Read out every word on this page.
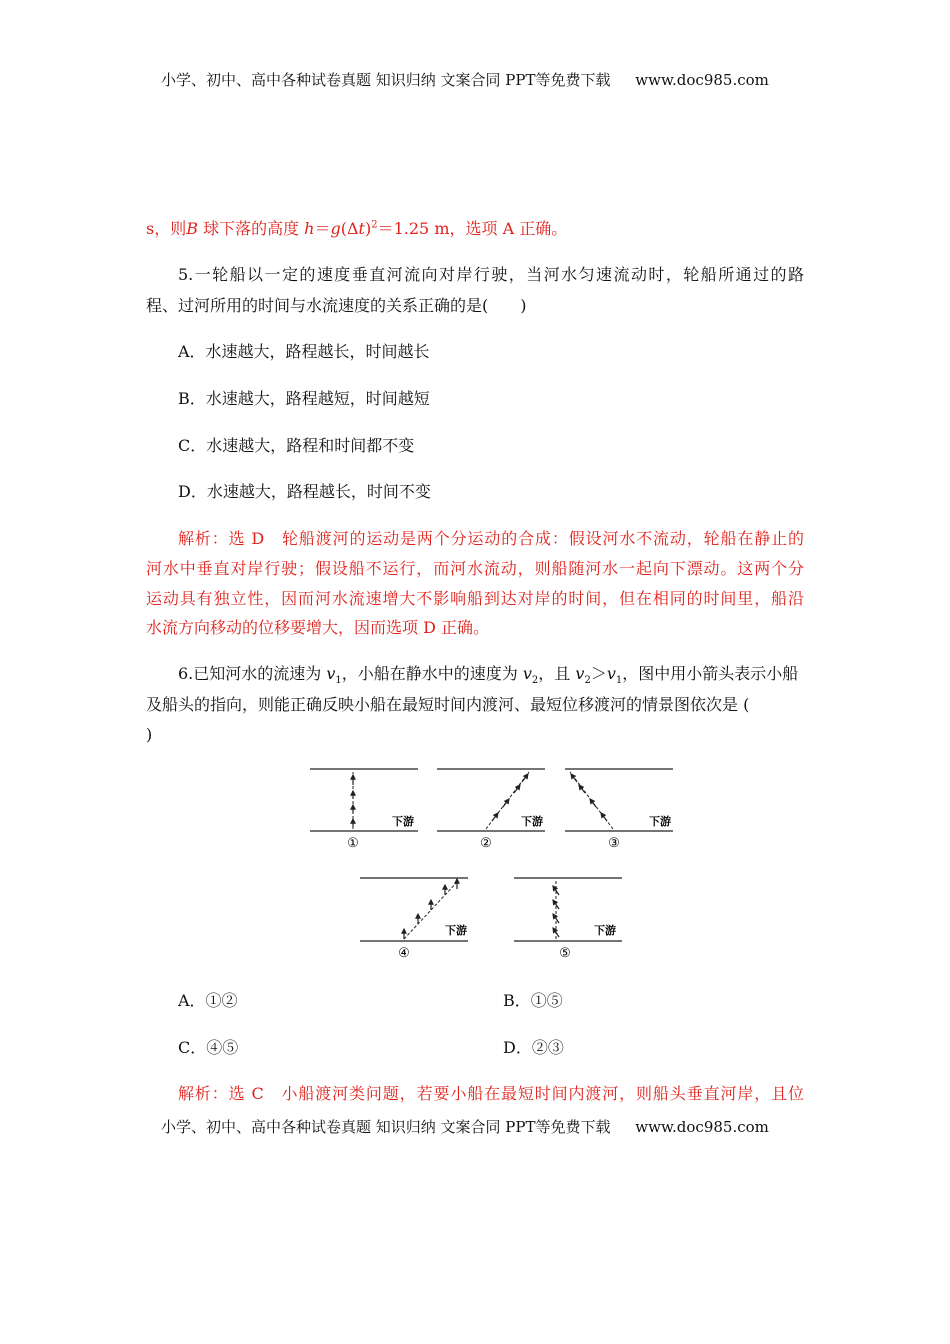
小学、初中、高中各种试卷真题 知识归纳 文案合同 PPT等免费下载 www.doc985.com
s，则B 球下落的高度 $h=g(\Delta t)^2=1.25$ m，选项 A 正确。
5.一轮船以一定的速度垂直河流向对岸行驶，当河水匀速流动时，轮船所通过的路
程、过河所用的时间与水流速度的关系正确的是(　　)
A．水速越大，路程越长，时间越长
B．水速越大，路程越短，时间越短
C．水速越大，路程和时间都不变
D．水速越大，路程越长，时间不变
解析：选 D　轮船渡河的运动是两个分运动的合成：假设河水不流动，轮船在静止的
河水中垂直对岸行驶；假设船不运行，而河水流动，则船随河水一起向下漂动。这两个分
运动具有独立性，因而河水流速增大不影响船到达对岸的时间，但在相同的时间里，船沿
水流方向移动的位移要增大，因而选项 D 正确。
6.已知河水的流速为 $v_1$，小船在静水中的速度为 $v_2$，且 $v_2>v_1$，图中用小箭头表示小船
及船头的指向，则能正确反映小船在最短时间内渡河、最短位移渡河的情景图依次是 (
)
下游
①
下游
②
下游
③
下游
④
下游
⑤
A．①②	B．①⑤
C．④⑤	D．②③
解析：选 C　小船渡河类问题，若要小船在最短时间内渡河，则船头垂直河岸，且位
小学、初中、高中各种试卷真题 知识归纳 文案合同 PPT等免费下载 www.doc985.com
